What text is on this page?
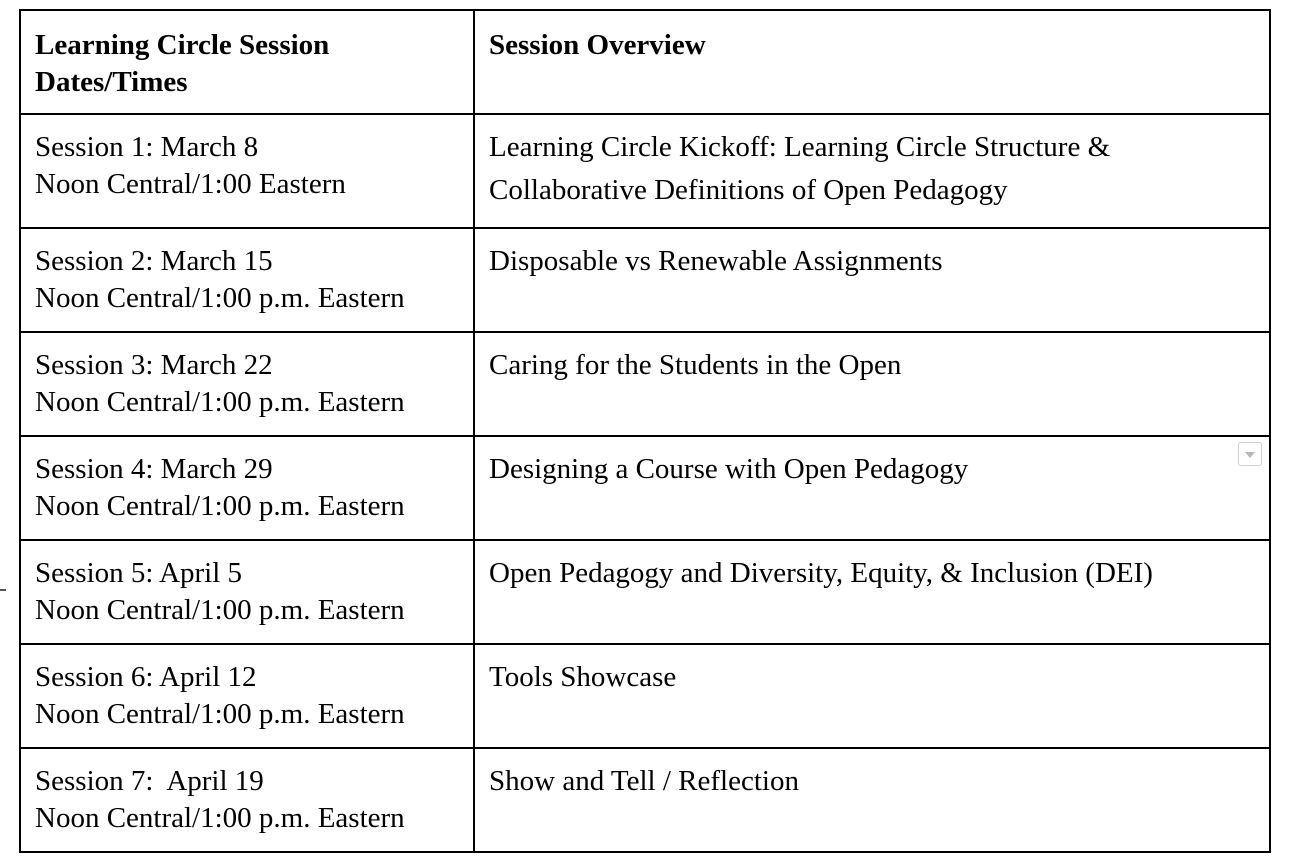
Learning Circle Session Dates/Times	Session Overview

Session 1: March 8
Noon Central/1:00 Eastern	Learning Circle Kickoff: Learning Circle Structure & Collaborative Definitions of Open Pedagogy

Session 2: March 15
Noon Central/1:00 p.m. Eastern	Disposable vs Renewable Assignments

Session 3: March 22
Noon Central/1:00 p.m. Eastern	Caring for the Students in the Open

Session 4: March 29
Noon Central/1:00 p.m. Eastern	Designing a Course with Open Pedagogy

Session 5: April 5
Noon Central/1:00 p.m. Eastern	Open Pedagogy and Diversity, Equity, & Inclusion (DEI)

Session 6: April 12
Noon Central/1:00 p.m. Eastern	Tools Showcase

Session 7:  April 19
Noon Central/1:00 p.m. Eastern	Show and Tell / Reflection
